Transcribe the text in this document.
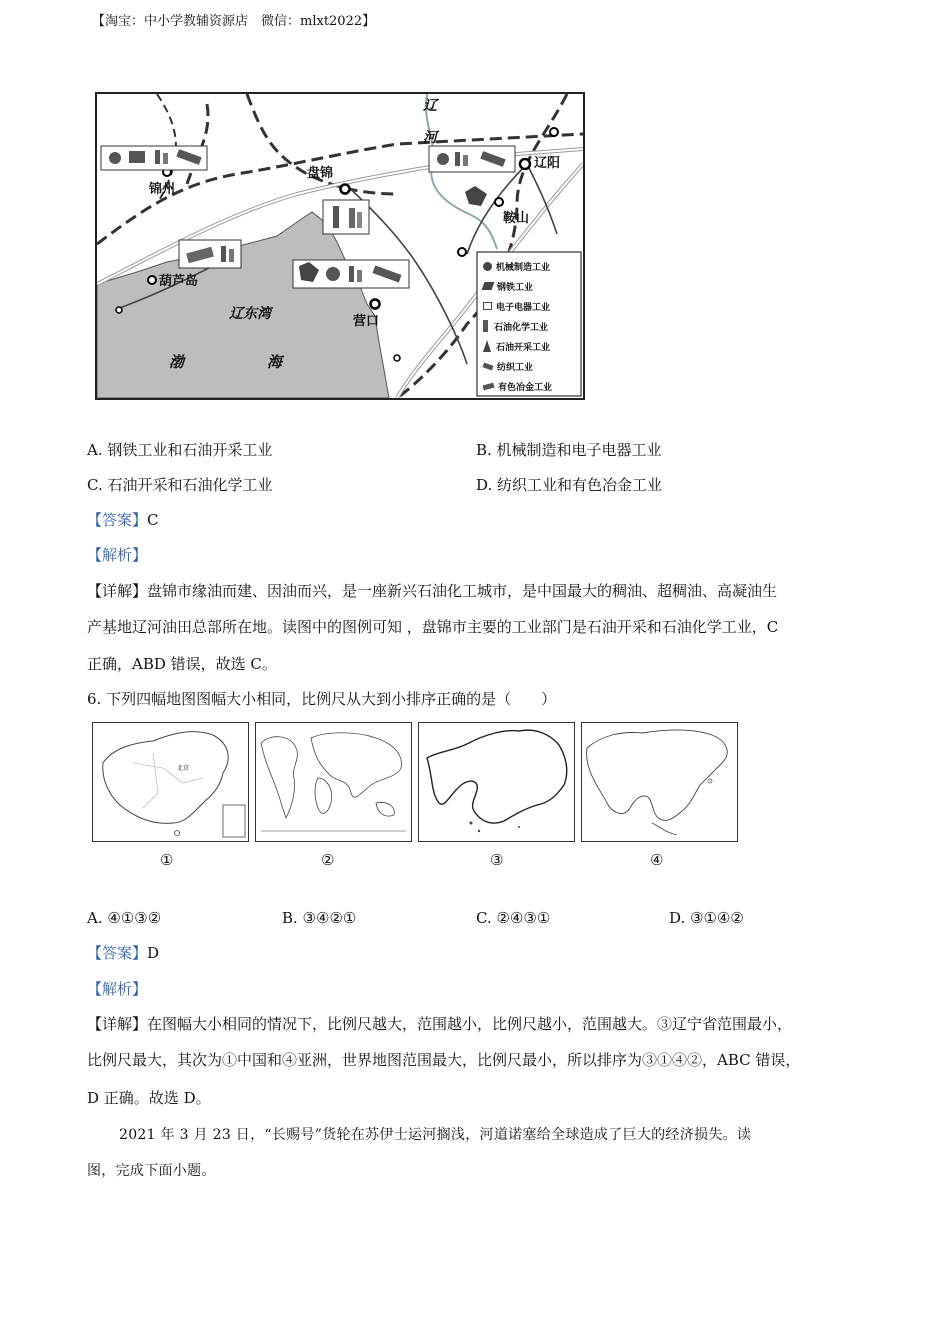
【淘宝：中小学教辅资源店　微信：mlxt2022】
辽
河
锦州
盘锦
辽阳
鞍山
葫芦岛
辽东湾	营口
渤	海
机械制造工业
钢铁工业
电子电器工业
石油化学工业
石油开采工业
纺织工业
有色冶金工业
A. 钢铁工业和石油开采工业	B. 机械制造和电子电器工业
C. 石油开采和石油化学工业	D. 纺织工业和有色冶金工业
【答案】C
【解析】
【详解】盘锦市缘油而建、因油而兴，是一座新兴石油化工城市，是中国最大的稠油、超稠油、高凝油生
产基地辽河油田总部所在地。读图中的图例可知 ，盘锦市主要的工业部门是石油开采和石油化学工业，C
正确，ABD 错误，故选 C。
6. 下列四幅地图图幅大小相同，比例尺从大到小排序正确的是（　　）
北京
①	②	③	④
A. ④①③②	B. ③④②①	C. ②④③①	D. ③①④②
【答案】D
【解析】
【详解】在图幅大小相同的情况下，比例尺越大，范围越小，比例尺越小，范围越大。③辽宁省范围最小，
比例尺最大，其次为①中国和④亚洲，世界地图范围最大，比例尺最小，所以排序为③①④②，ABC 错误，
D 正确。故选 D。
2021 年 3 月 23 日，“长赐号”货轮在苏伊士运河搁浅，河道诺塞给全球造成了巨大的经济损失。读
图，完成下面小题。
